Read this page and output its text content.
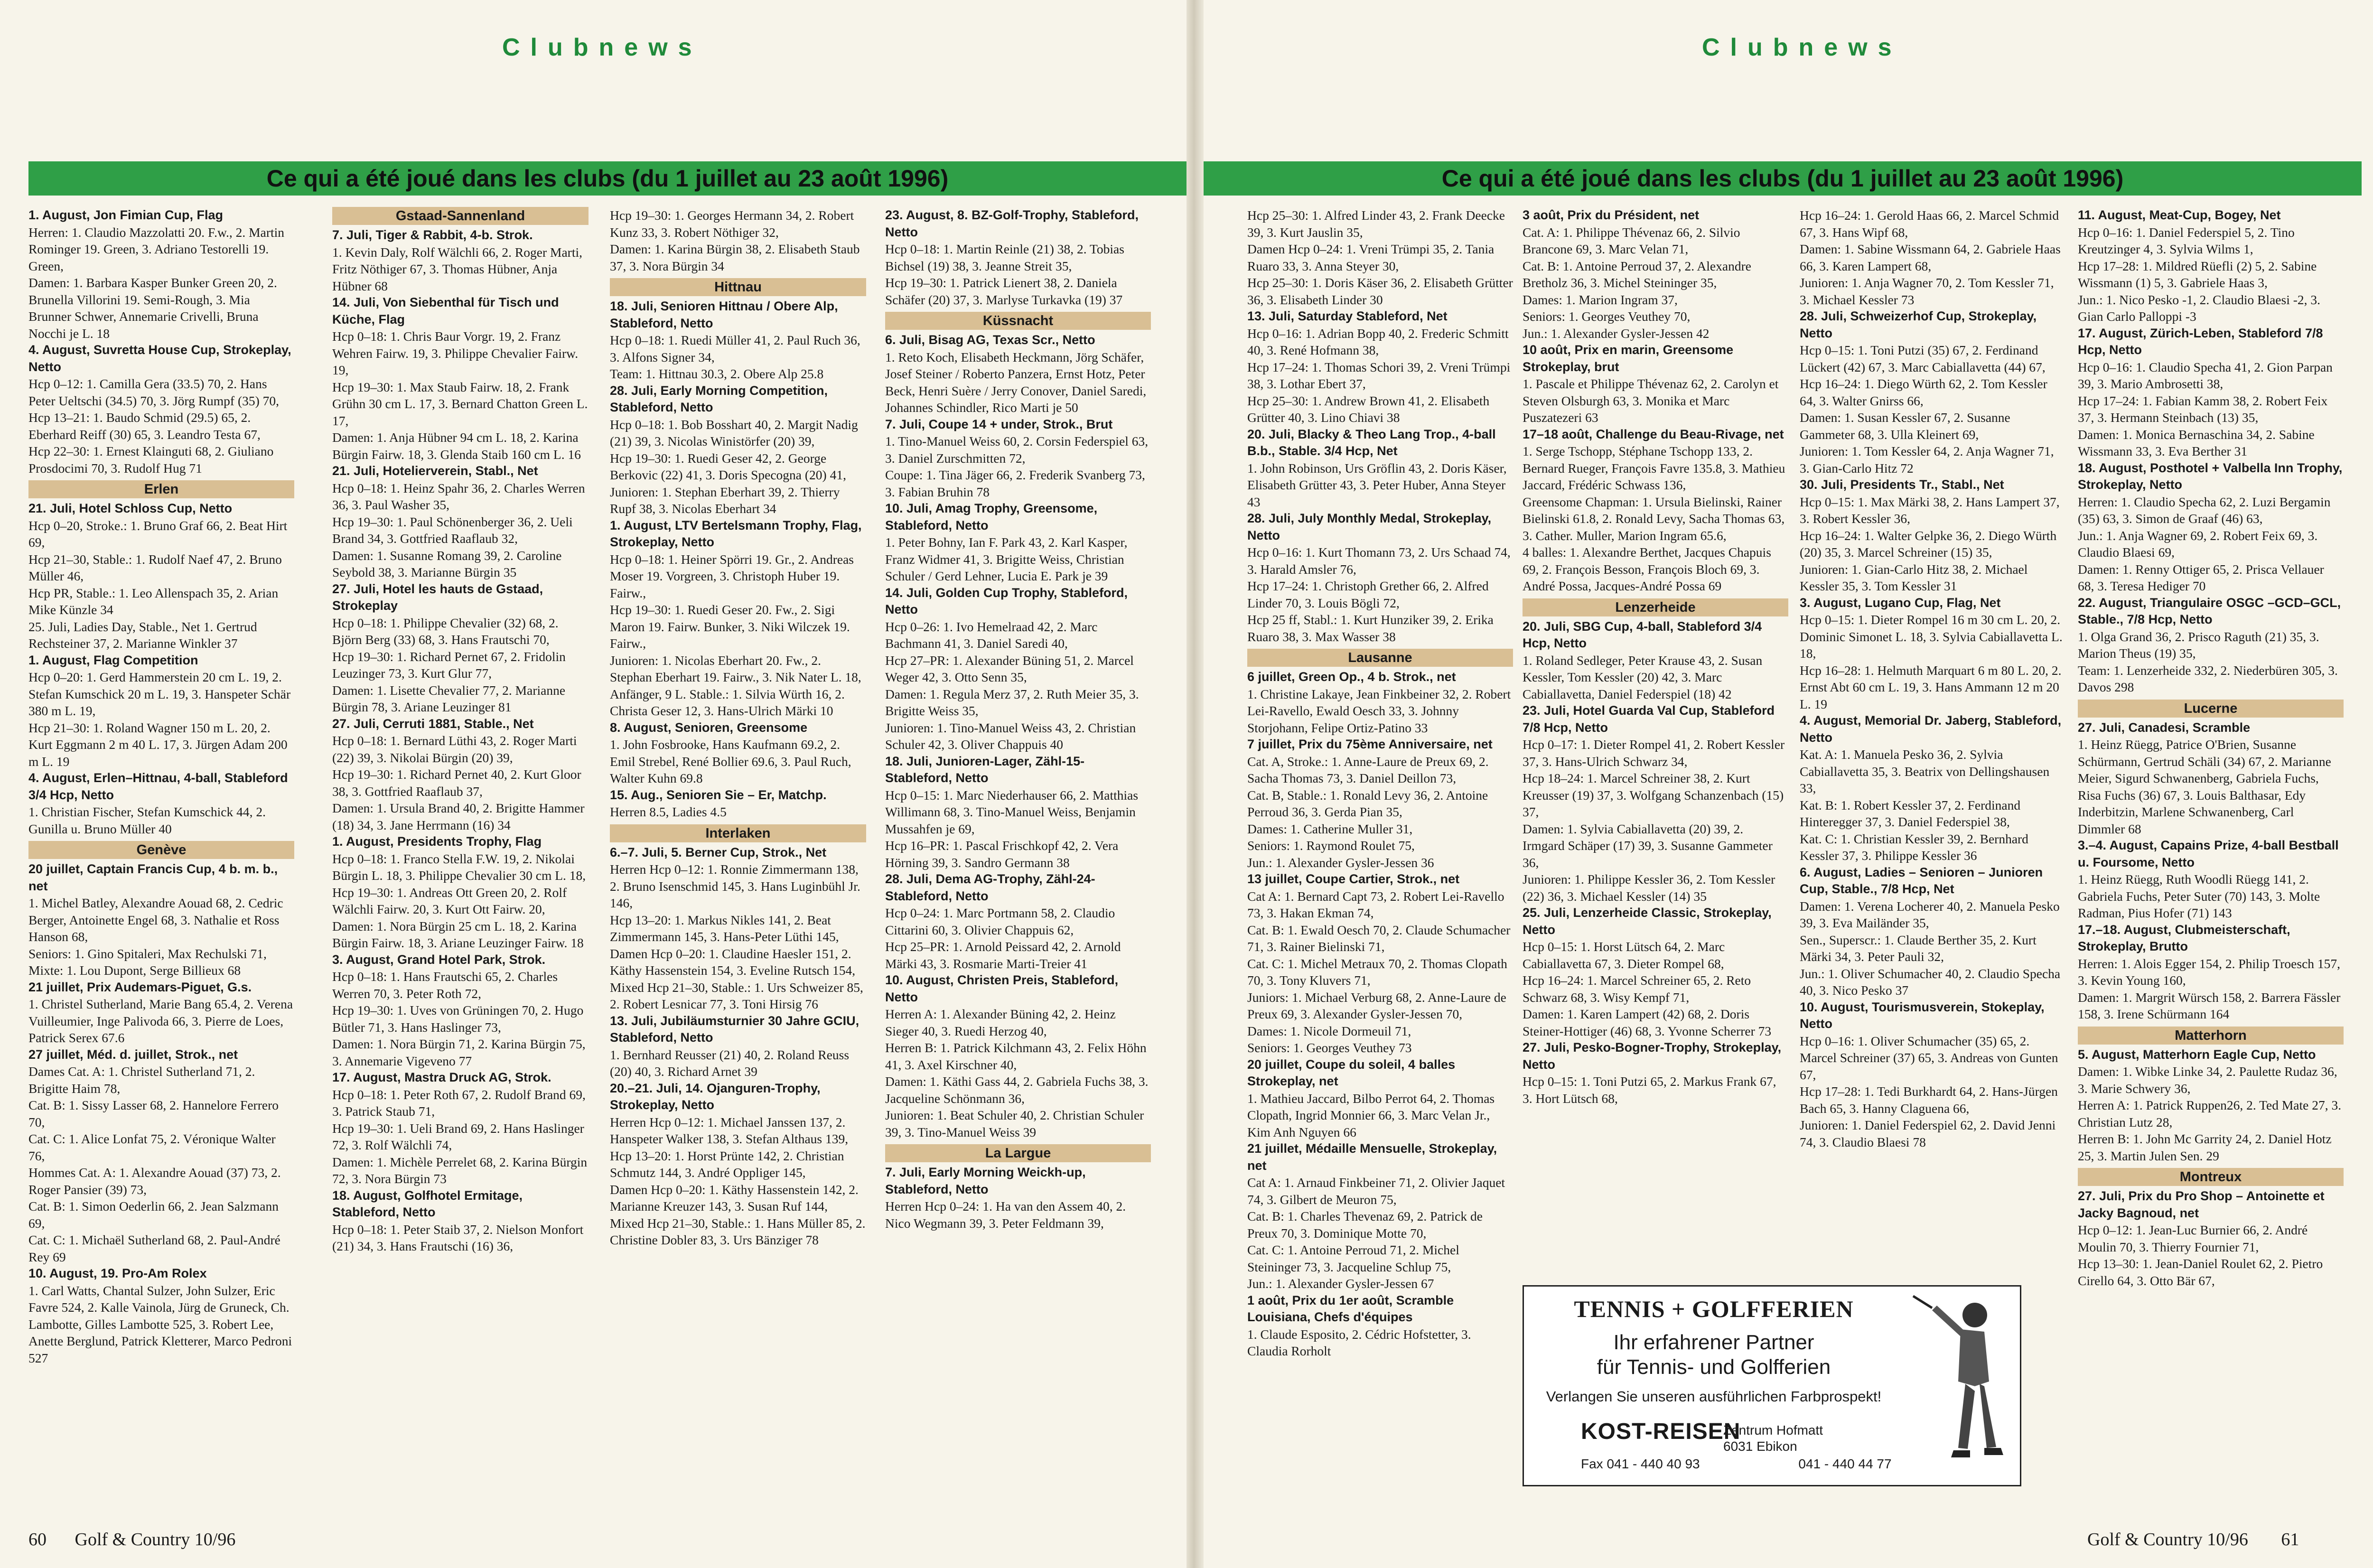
Clubnews
Ce qui a été joué dans les clubs (du 1 juillet au 23 août 1996)

1. August, Jon Fimian Cup, Flag

Herren: 1. Claudio Mazzolatti 20. F.w., 2. Martin Rominger 19. Green, 3. Adriano Testorelli 19. Green,

Damen: 1. Barbara Kasper Bunker Green 20, 2. Brunella Villorini 19. Semi-Rough, 3. Mia Brunner Schwer, Annemarie Crivelli, Bruna Nocchi je L. 18

4. August, Suvretta House Cup, Strokeplay, Netto

Hcp 0–12: 1. Camilla Gera (33.5) 70, 2. Hans Peter Ueltschi (34.5) 70, 3. Jörg Rumpf (35) 70,

Hcp 13–21: 1. Baudo Schmid (29.5) 65, 2. Eberhard Reiff (30) 65, 3. Leandro Testa 67,

Hcp 22–30: 1. Ernest Klainguti 68, 2. Giuliano Prosdocimi 70, 3. Rudolf Hug 71

Erlen

21. Juli, Hotel Schloss Cup, Netto

Hcp 0–20, Stroke.: 1. Bruno Graf 66, 2. Beat Hirt 69,

Hcp 21–30, Stable.: 1. Rudolf Naef 47, 2. Bruno Müller 46,

Hcp PR, Stable.: 1. Leo Allenspach 35, 2. Arian Mike Künzle 34

25. Juli, Ladies Day, Stable., Net 1. Gertrud Rechsteiner 37, 2. Marianne Winkler 37

1. August, Flag Competition

Hcp 0–20: 1. Gerd Hammerstein 20 cm L. 19, 2. Stefan Kumschick 20 m L. 19, 3. Hanspeter Schär 380 m L. 19,

Hcp 21–30: 1. Roland Wagner 150 m L. 20, 2. Kurt Eggmann 2 m 40 L. 17, 3. Jürgen Adam 200 m L. 19

4. August, Erlen–Hittnau, 4-ball, Stableford 3/4 Hcp, Netto

1. Christian Fischer, Stefan Kumschick 44, 2. Gunilla u. Bruno Müller 40

Genève

20 juillet, Captain Francis Cup, 4 b. m. b., net

1. Michel Batley, Alexandre Aouad 68, 2. Cedric Berger, Antoinette Engel 68, 3. Nathalie et Ross Hanson 68,

Seniors: 1. Gino Spitaleri, Max Rechulski 71,

Mixte: 1. Lou Dupont, Serge Billieux 68

21 juillet, Prix Audemars-Piguet, G.s.

1. Christel Sutherland, Marie Bang 65.4, 2. Verena Vuilleumier, Inge Palivoda 66, 3. Pierre de Loes, Patrick Serex 67.6

27 juillet, Méd. d. juillet, Strok., net

Dames Cat. A: 1. Christel Sutherland 71, 2. Brigitte Haim 78,

Cat. B: 1. Sissy Lasser 68, 2. Hannelore Ferrero 70,

Cat. C: 1. Alice Lonfat 75, 2. Véronique Walter 76,

Hommes Cat. A: 1. Alexandre Aouad (37) 73, 2. Roger Pansier (39) 73,

Cat. B: 1. Simon Oederlin 66, 2. Jean Salzmann 69,

Cat. C: 1. Michaël Sutherland 68, 2. Paul-André Rey 69

10. August, 19. Pro-Am Rolex

1. Carl Watts, Chantal Sulzer, John Sulzer, Eric Favre 524, 2. Kalle Vainola, Jürg de Gruneck, Ch. Lambotte, Gilles Lambotte 525, 3. Robert Lee, Anette Berglund, Patrick Kletterer, Marco Pedroni 527

Gstaad-Sannenland

7. Juli, Tiger & Rabbit, 4-b. Strok.

1. Kevin Daly, Rolf Wälchli 66, 2. Roger Marti, Fritz Nöthiger 67, 3. Thomas Hübner, Anja Hübner 68

14. Juli, Von Siebenthal für Tisch und Küche, Flag

Hcp 0–18: 1. Chris Baur Vorgr. 19, 2. Franz Wehren Fairw. 19, 3. Philippe Chevalier Fairw. 19,

Hcp 19–30: 1. Max Staub Fairw. 18, 2. Frank Grühn 30 cm L. 17, 3. Bernard Chatton Green L. 17,

Damen: 1. Anja Hübner 94 cm L. 18, 2. Karina Bürgin Fairw. 18, 3. Glenda Staib 160 cm L. 16

21. Juli, Hotelierverein, Stabl., Net

Hcp 0–18: 1. Heinz Spahr 36, 2. Charles Werren 36, 3. Paul Washer 35,

Hcp 19–30: 1. Paul Schönenberger 36, 2. Ueli Brand 34, 3. Gottfried Raaflaub 32,

Damen: 1. Susanne Romang 39, 2. Caroline Seybold 38, 3. Marianne Bürgin 35

27. Juli, Hotel les hauts de Gstaad, Strokeplay

Hcp 0–18: 1. Philippe Chevalier (32) 68, 2. Björn Berg (33) 68, 3. Hans Frautschi 70,

Hcp 19–30: 1. Richard Pernet 67, 2. Fridolin Leuzinger 73, 3. Kurt Glur 77,

Damen: 1. Lisette Chevalier 77, 2. Marianne Bürgin 78, 3. Ariane Leuzinger 81

27. Juli, Cerruti 1881, Stable., Net

Hcp 0–18: 1. Bernard Lüthi 43, 2. Roger Marti (22) 39, 3. Nikolai Bürgin (20) 39,

Hcp 19–30: 1. Richard Pernet 40, 2. Kurt Gloor 38, 3. Gottfried Raaflaub 37,

Damen: 1. Ursula Brand 40, 2. Brigitte Hammer (18) 34, 3. Jane Herrmann (16) 34

1. August, Presidents Trophy, Flag

Hcp 0–18: 1. Franco Stella F.W. 19, 2. Nikolai Bürgin L. 18, 3. Philippe Chevalier 30 cm L. 18,

Hcp 19–30: 1. Andreas Ott Green 20, 2. Rolf Wälchli Fairw. 20, 3. Kurt Ott Fairw. 20,

Damen: 1. Nora Bürgin 25 cm L. 18, 2. Karina Bürgin Fairw. 18, 3. Ariane Leuzinger Fairw. 18

3. August, Grand Hotel Park, Strok.

Hcp 0–18: 1. Hans Frautschi 65, 2. Charles Werren 70, 3. Peter Roth 72,

Hcp 19–30: 1. Uves von Grüningen 70, 2. Hugo Bütler 71, 3. Hans Haslinger 73,

Damen: 1. Nora Bürgin 71, 2. Karina Bürgin 75, 3. Annemarie Vigeveno 77

17. August, Mastra Druck AG, Strok.

Hcp 0–18: 1. Peter Roth 67, 2. Rudolf Brand 69, 3. Patrick Staub 71,

Hcp 19–30: 1. Ueli Brand 69, 2. Hans Haslinger 72, 3. Rolf Wälchli 74,

Damen: 1. Michèle Perrelet 68, 2. Karina Bürgin 72, 3. Nora Bürgin 73

18. August, Golfhotel Ermitage, Stableford, Netto

Hcp 0–18: 1. Peter Staib 37, 2. Nielson Monfort (21) 34, 3. Hans Frautschi (16) 36,

Hcp 19–30: 1. Georges Hermann 34, 2. Robert Kunz 33, 3. Robert Nöthiger 32,

Damen: 1. Karina Bürgin 38, 2. Elisabeth Staub 37, 3. Nora Bürgin 34

Hittnau

18. Juli, Senioren Hittnau / Obere Alp, Stableford, Netto

Hcp 0–18: 1. Ruedi Müller 41, 2. Paul Ruch 36, 3. Alfons Signer 34,

Team: 1. Hittnau 30.3, 2. Obere Alp 25.8

28. Juli, Early Morning Competition, Stableford, Netto

Hcp 0–18: 1. Bob Bosshart 40, 2. Margit Nadig (21) 39, 3. Nicolas Winistörfer (20) 39,

Hcp 19–30: 1. Ruedi Geser 42, 2. George Berkovic (22) 41, 3. Doris Specogna (20) 41,

Junioren: 1. Stephan Eberhart 39, 2. Thierry Rupf 38, 3. Nicolas Eberhart 34

1. August, LTV Bertelsmann Trophy, Flag, Strokeplay, Netto

Hcp 0–18: 1. Heiner Spörri 19. Gr., 2. Andreas Moser 19. Vorgreen, 3. Christoph Huber 19. Fairw.,

Hcp 19–30: 1. Ruedi Geser 20. Fw., 2. Sigi Maron 19. Fairw. Bunker, 3. Niki Wilczek 19. Fairw.,

Junioren: 1. Nicolas Eberhart 20. Fw., 2. Stephan Eberhart 19. Fairw., 3. Nik Nater L. 18,

Anfänger, 9 L. Stable.: 1. Silvia Würth 16, 2. Christa Geser 12, 3. Hans-Ulrich Märki 10

8. August, Senioren, Greensome

1. John Fosbrooke, Hans Kaufmann 69.2, 2. Emil Strebel, René Bollier 69.6, 3. Paul Ruch, Walter Kuhn 69.8

15. Aug., Senioren Sie – Er, Matchp.

Herren 8.5, Ladies 4.5

Interlaken

6.–7. Juli, 5. Berner Cup, Strok., Net

Herren Hcp 0–12: 1. Ronnie Zimmermann 138, 2. Bruno Isenschmid 145, 3. Hans Luginbühl Jr. 146,

Hcp 13–20: 1. Markus Nikles 141, 2. Beat Zimmermann 145, 3. Hans-Peter Lüthi 145,

Damen Hcp 0–20: 1. Claudine Haesler 151, 2. Käthy Hassenstein 154, 3. Eveline Rutsch 154,

Mixed Hcp 21–30, Stable.: 1. Urs Schweizer 85, 2. Robert Lesnicar 77, 3. Toni Hirsig 76

13. Juli, Jubiläumsturnier 30 Jahre GCIU, Stableford, Netto

1. Bernhard Reusser (21) 40, 2. Roland Reuss (20) 40, 3. Richard Arnet 39

20.–21. Juli, 14. Ojanguren-Trophy, Strokeplay, Netto

Herren Hcp 0–12: 1. Michael Janssen 137, 2. Hanspeter Walker 138, 3. Stefan Althaus 139,

Hcp 13–20: 1. Horst Prünte 142, 2. Christian Schmutz 144, 3. André Oppliger 145,

Damen Hcp 0–20: 1. Käthy Hassenstein 142, 2. Marianne Kreuzer 143, 3. Susan Ruf 144,

Mixed Hcp 21–30, Stable.: 1. Hans Müller 85, 2. Christine Dobler 83, 3. Urs Bänziger 78

23. August, 8. BZ-Golf-Trophy, Stableford, Netto

Hcp 0–18: 1. Martin Reinle (21) 38, 2. Tobias Bichsel (19) 38, 3. Jeanne Streit 35,

Hcp 19–30: 1. Patrick Lienert 38, 2. Daniela Schäfer (20) 37, 3. Marlyse Turkavka (19) 37

Küssnacht

6. Juli, Bisag AG, Texas Scr., Netto

1. Reto Koch, Elisabeth Heckmann, Jörg Schäfer, Josef Steiner / Roberto Panzera, Ernst Hotz, Peter Beck, Henri Suère / Jerry Conover, Daniel Saredi, Johannes Schindler, Rico Marti je 50

7. Juli, Coupe 14 + under, Strok., Brut

1. Tino-Manuel Weiss 60, 2. Corsin Federspiel 63, 3. Daniel Zurschmitten 72,

Coupe: 1. Tina Jäger 66, 2. Frederik Svanberg 73, 3. Fabian Bruhin 78

10. Juli, Amag Trophy, Greensome, Stableford, Netto

1. Peter Bohny, Ian F. Park 43, 2. Karl Kasper, Franz Widmer 41, 3. Brigitte Weiss, Christian Schuler / Gerd Lehner, Lucia E. Park je 39

14. Juli, Golden Cup Trophy, Stableford, Netto

Hcp 0–26: 1. Ivo Hemelraad 42, 2. Marc Bachmann 41, 3. Daniel Saredi 40,

Hcp 27–PR: 1. Alexander Büning 51, 2. Marcel Weger 42, 3. Otto Senn 35,

Damen: 1. Regula Merz 37, 2. Ruth Meier 35, 3. Brigitte Weiss 35,

Junioren: 1. Tino-Manuel Weiss 43, 2. Christian Schuler 42, 3. Oliver Chappuis 40

18. Juli, Junioren-Lager, Zähl-15-Stableford, Netto

Hcp 0–15: 1. Marc Niederhauser 66, 2. Matthias Willimann 68, 3. Tino-Manuel Weiss, Benjamin Mussahfen je 69,

Hcp 16–PR: 1. Pascal Frischkopf 42, 2. Vera Hörning 39, 3. Sandro Germann 38

28. Juli, Dema AG-Trophy, Zähl-24-Stableford, Netto

Hcp 0–24: 1. Marc Portmann 58, 2. Claudio Cittarini 60, 3. Olivier Chappuis 62,

Hcp 25–PR: 1. Arnold Peissard 42, 2. Arnold Märki 43, 3. Rosmarie Marti-Treier 41

10. August, Christen Preis, Stableford, Netto

Herren A: 1. Alexander Büning 42, 2. Heinz Sieger 40, 3. Ruedi Herzog 40,

Herren B: 1. Patrick Kilchmann 43, 2. Felix Höhn 41, 3. Axel Kirschner 40,

Damen: 1. Käthi Gass 44, 2. Gabriela Fuchs 38, 3. Jacqueline Schönmann 36,

Junioren: 1. Beat Schuler 40, 2. Christian Schuler 39, 3. Tino-Manuel Weiss 39

La Largue

7. Juli, Early Morning Weickh-up, Stableford, Netto

Herren Hcp 0–24: 1. Ha van den Assem 40, 2. Nico Wegmann 39, 3. Peter Feldmann 39,

60 Golf & Country 10/96
Clubnews
Ce qui a été joué dans les clubs (du 1 juillet au 23 août 1996)

Hcp 25–30: 1. Alfred Linder 43, 2. Frank Deecke 39, 3. Kurt Jauslin 35,

Damen Hcp 0–24: 1. Vreni Trümpi 35, 2. Tania Ruaro 33, 3. Anna Steyer 30,

Hcp 25–30: 1. Doris Käser 36, 2. Elisabeth Grütter 36, 3. Elisabeth Linder 30

13. Juli, Saturday Stableford, Net

Hcp 0–16: 1. Adrian Bopp 40, 2. Frederic Schmitt 40, 3. René Hofmann 38,

Hcp 17–24: 1. Thomas Schori 39, 2. Vreni Trümpi 38, 3. Lothar Ebert 37,

Hcp 25–30: 1. Andrew Brown 41, 2. Elisabeth Grütter 40, 3. Lino Chiavi 38

20. Juli, Blacky & Theo Lang Trop., 4-ball B.b., Stable. 3/4 Hcp, Net

1. John Robinson, Urs Gröflin 43, 2. Doris Käser, Elisabeth Grütter 43, 3. Peter Huber, Anna Steyer 43

28. Juli, July Monthly Medal, Strokeplay, Netto

Hcp 0–16: 1. Kurt Thomann 73, 2. Urs Schaad 74, 3. Harald Amsler 76,

Hcp 17–24: 1. Christoph Grether 66, 2. Alfred Linder 70, 3. Louis Bögli 72,

Hcp 25 ff, Stabl.: 1. Kurt Hunziker 39, 2. Erika Ruaro 38, 3. Max Wasser 38

Lausanne

6 juillet, Green Op., 4 b. Strok., net

1. Christine Lakaye, Jean Finkbeiner 32, 2. Robert Lei-Ravello, Ewald Oesch 33, 3. Johnny Storjohann, Felipe Ortiz-Patino 33

7 juillet, Prix du 75ème Anniversaire, net

Cat. A, Stroke.: 1. Anne-Laure de Preux 69, 2. Sacha Thomas 73, 3. Daniel Deillon 73,

Cat. B, Stable.: 1. Ronald Levy 36, 2. Antoine Perroud 36, 3. Gerda Pian 35,

Dames: 1. Catherine Muller 31,

Seniors: 1. Raymond Roulet 75,

Jun.: 1. Alexander Gysler-Jessen 36

13 juillet, Coupe Cartier, Strok., net

Cat A: 1. Bernard Capt 73, 2. Robert Lei-Ravello 73, 3. Hakan Ekman 74,

Cat. B: 1. Ewald Oesch 70, 2. Claude Schumacher 71, 3. Rainer Bielinski 71,

Cat. C: 1. Michel Metraux 70, 2. Thomas Clopath 70, 3. Tony Kluvers 71,

Juniors: 1. Michael Verburg 68, 2. Anne-Laure de Preux 69, 3. Alexander Gysler-Jessen 70,

Dames: 1. Nicole Dormeuil 71,

Seniors: 1. Georges Veuthey 73

20 juillet, Coupe du soleil, 4 balles Strokeplay, net

1. Mathieu Jaccard, Bilbo Perrot 64, 2. Thomas Clopath, Ingrid Monnier 66, 3. Marc Velan Jr., Kim Anh Nguyen 66

21 juillet, Médaille Mensuelle, Strokeplay, net

Cat A: 1. Arnaud Finkbeiner 71, 2. Olivier Jaquet 74, 3. Gilbert de Meuron 75,

Cat. B: 1. Charles Thevenaz 69, 2. Patrick de Preux 70, 3. Dominique Motte 70,

Cat. C: 1. Antoine Perroud 71, 2. Michel Steininger 73, 3. Jacqueline Schlup 75,

Jun.: 1. Alexander Gysler-Jessen 67

1 août, Prix du 1er août, Scramble Louisiana, Chefs d'équipes

1. Claude Esposito, 2. Cédric Hofstetter, 3. Claudia Rorholt

3 août, Prix du Président, net

Cat. A: 1. Philippe Thévenaz 66, 2. Silvio Brancone 69, 3. Marc Velan 71,

Cat. B: 1. Antoine Perroud 37, 2. Alexandre Bretholz 36, 3. Michel Steininger 35,

Dames: 1. Marion Ingram 37,

Seniors: 1. Georges Veuthey 70,

Jun.: 1. Alexander Gysler-Jessen 42

10 août, Prix en marin, Greensome Strokeplay, brut

1. Pascale et Philippe Thévenaz 62, 2. Carolyn et Steven Olsburgh 63, 3. Monika et Marc Puszatezeri 63

17–18 août, Challenge du Beau-Rivage, net

1. Serge Tschopp, Stéphane Tschopp 133, 2. Bernard Rueger, François Favre 135.8, 3. Mathieu Jaccard, Frédéric Schwass 136,

Greensome Chapman: 1. Ursula Bielinski, Rainer Bielinski 61.8, 2. Ronald Levy, Sacha Thomas 63, 3. Cather. Muller, Marion Ingram 65.6,

4 balles: 1. Alexandre Berthet, Jacques Chapuis 69, 2. François Besson, François Bloch 69, 3. André Possa, Jacques-André Possa 69

Lenzerheide

20. Juli, SBG Cup, 4-ball, Stableford 3/4 Hcp, Netto

1. Roland Sedleger, Peter Krause 43, 2. Susan Kessler, Tom Kessler (20) 42, 3. Marc Cabiallavetta, Daniel Federspiel (18) 42

23. Juli, Hotel Guarda Val Cup, Stableford 7/8 Hcp, Netto

Hcp 0–17: 1. Dieter Rompel 41, 2. Robert Kessler 37, 3. Hans-Ulrich Schwarz 34,

Hcp 18–24: 1. Marcel Schreiner 38, 2. Kurt Kreusser (19) 37, 3. Wolfgang Schanzenbach (15) 37,

Damen: 1. Sylvia Cabiallavetta (20) 39, 2. Irmgard Schäper (17) 39, 3. Susanne Gammeter 36,

Junioren: 1. Philippe Kessler 36, 2. Tom Kessler (22) 36, 3. Michael Kessler (14) 35

25. Juli, Lenzerheide Classic, Strokeplay, Netto

Hcp 0–15: 1. Horst Lütsch 64, 2. Marc Cabiallavetta 67, 3. Dieter Rompel 68,

Hcp 16–24: 1. Marcel Schreiner 65, 2. Reto Schwarz 68, 3. Wisy Kempf 71,

Damen: 1. Karen Lampert (42) 68, 2. Doris Steiner-Hottiger (46) 68, 3. Yvonne Scherrer 73

27. Juli, Pesko-Bogner-Trophy, Strokeplay, Netto

Hcp 0–15: 1. Toni Putzi 65, 2. Markus Frank 67, 3. Hort Lütsch 68,

Hcp 16–24: 1. Gerold Haas 66, 2. Marcel Schmid 67, 3. Hans Wipf 68,

Damen: 1. Sabine Wissmann 64, 2. Gabriele Haas 66, 3. Karen Lampert 68,

Junioren: 1. Anja Wagner 70, 2. Tom Kessler 71, 3. Michael Kessler 73

28. Juli, Schweizerhof Cup, Strokeplay, Netto

Hcp 0–15: 1. Toni Putzi (35) 67, 2. Ferdinand Lückert (42) 67, 3. Marc Cabiallavetta (44) 67,

Hcp 16–24: 1. Diego Würth 62, 2. Tom Kessler 64, 3. Walter Gnirss 66,

Damen: 1. Susan Kessler 67, 2. Susanne Gammeter 68, 3. Ulla Kleinert 69,

Junioren: 1. Tom Kessler 64, 2. Anja Wagner 71, 3. Gian-Carlo Hitz 72

30. Juli, Presidents Tr., Stabl., Net

Hcp 0–15: 1. Max Märki 38, 2. Hans Lampert 37, 3. Robert Kessler 36,

Hcp 16–24: 1. Walter Gelpke 36, 2. Diego Würth (20) 35, 3. Marcel Schreiner (15) 35,

Junioren: 1. Gian-Carlo Hitz 38, 2. Michael Kessler 35, 3. Tom Kessler 31

3. August, Lugano Cup, Flag, Net

Hcp 0–15: 1. Dieter Rompel 16 m 30 cm L. 20, 2. Dominic Simonet L. 18, 3. Sylvia Cabiallavetta L. 18,

Hcp 16–28: 1. Helmuth Marquart 6 m 80 L. 20, 2. Ernst Abt 60 cm L. 19, 3. Hans Ammann 12 m 20 L. 19

4. August, Memorial Dr. Jaberg, Stableford, Netto

Kat. A: 1. Manuela Pesko 36, 2. Sylvia Cabiallavetta 35, 3. Beatrix von Dellingshausen 33,

Kat. B: 1. Robert Kessler 37, 2. Ferdinand Hinteregger 37, 3. Daniel Federspiel 38,

Kat. C: 1. Christian Kessler 39, 2. Bernhard Kessler 37, 3. Philippe Kessler 36

6. August, Ladies – Senioren – Junioren Cup, Stable., 7/8 Hcp, Net

Damen: 1. Verena Locherer 40, 2. Manuela Pesko 39, 3. Eva Mailänder 35,

Sen., Superscr.: 1. Claude Berther 35, 2. Kurt Märki 34, 3. Peter Pauli 32,

Jun.: 1. Oliver Schumacher 40, 2. Claudio Specha 40, 3. Nico Pesko 37

10. August, Tourismusverein, Stokeplay, Netto

Hcp 0–16: 1. Oliver Schumacher (35) 65, 2. Marcel Schreiner (37) 65, 3. Andreas von Gunten 67,

Hcp 17–28: 1. Tedi Burkhardt 64, 2. Hans-Jürgen Bach 65, 3. Hanny Claguena 66,

Junioren: 1. Daniel Federspiel 62, 2. David Jenni 74, 3. Claudio Blaesi 78

11. August, Meat-Cup, Bogey, Net

Hcp 0–16: 1. Daniel Federspiel 5, 2. Tino Kreutzinger 4, 3. Sylvia Wilms 1,

Hcp 17–28: 1. Mildred Rüefli (2) 5, 2. Sabine Wissmann (1) 5, 3. Gabriele Haas 3,

Jun.: 1. Nico Pesko -1, 2. Claudio Blaesi -2, 3. Gian Carlo Palloppi -3

17. August, Zürich-Leben, Stableford 7/8 Hcp, Netto

Hcp 0–16: 1. Claudio Specha 41, 2. Gion Parpan 39, 3. Mario Ambrosetti 38,

Hcp 17–24: 1. Fabian Kamm 38, 2. Robert Feix 37, 3. Hermann Steinbach (13) 35,

Damen: 1. Monica Bernaschina 34, 2. Sabine Wissmann 33, 3. Eva Berther 31

18. August, Posthotel + Valbella Inn Trophy, Strokeplay, Netto

Herren: 1. Claudio Specha 62, 2. Luzi Bergamin (35) 63, 3. Simon de Graaf (46) 63,

Jun.: 1. Anja Wagner 69, 2. Robert Feix 69, 3. Claudio Blaesi 69,

Damen: 1. Renny Ottiger 65, 2. Prisca Vellauer 68, 3. Teresa Hediger 70

22. August, Triangulaire OSGC –GCD–GCL, Stable., 7/8 Hcp, Netto

1. Olga Grand 36, 2. Prisco Raguth (21) 35, 3. Marion Theus (19) 35,

Team: 1. Lenzerheide 332, 2. Niederbüren 305, 3. Davos 298

Lucerne

27. Juli, Canadesi, Scramble

1. Heinz Rüegg, Patrice O'Brien, Susanne Schürmann, Gertrud Schäli (34) 67, 2. Marianne Meier, Sigurd Schwanenberg, Gabriela Fuchs, Risa Fuchs (36) 67, 3. Louis Balthasar, Edy Inderbitzin, Marlene Schwanenberg, Carl Dimmler 68

3.–4. August, Capains Prize, 4-ball Bestball u. Foursome, Netto

1. Heinz Rüegg, Ruth Woodli Rüegg 141, 2. Gabriela Fuchs, Peter Suter (70) 143, 3. Molte Radman, Pius Hofer (71) 143

17.–18. August, Clubmeisterschaft, Strokeplay, Brutto

Herren: 1. Alois Egger 154, 2. Philip Troesch 157, 3. Kevin Young 160,

Damen: 1. Margrit Würsch 158, 2. Barrera Fässler 158, 3. Irene Schürmann 164

Matterhorn

5. August, Matterhorn Eagle Cup, Netto

Damen: 1. Wibke Linke 34, 2. Paulette Rudaz 36, 3. Marie Schwery 36,

Herren A: 1. Patrick Ruppen26, 2. Ted Mate 27, 3. Christian Lutz 28,

Herren B: 1. John Mc Garrity 24, 2. Daniel Hotz 25, 3. Martin Julen Sen. 29

Montreux

27. Juli, Prix du Pro Shop – Antoinette et Jacky Bagnoud, net

Hcp 0–12: 1. Jean-Luc Burnier 66, 2. André Moulin 70, 3. Thierry Fournier 71,

Hcp 13–30: 1. Jean-Daniel Roulet 62, 2. Pietro Cirello 64, 3. Otto Bär 67,

Golf & Country 10/96 61
TENNIS + GOLFFERIEN
Ihr erfahrener Partner
für Tennis- und Golfferien
Verlangen Sie unseren ausführlichen Farbprospekt!
KOST-REISEN
Zentrum Hofmatt
6031 Ebikon
Fax 041 - 440 40 93	041 - 440 44 77
